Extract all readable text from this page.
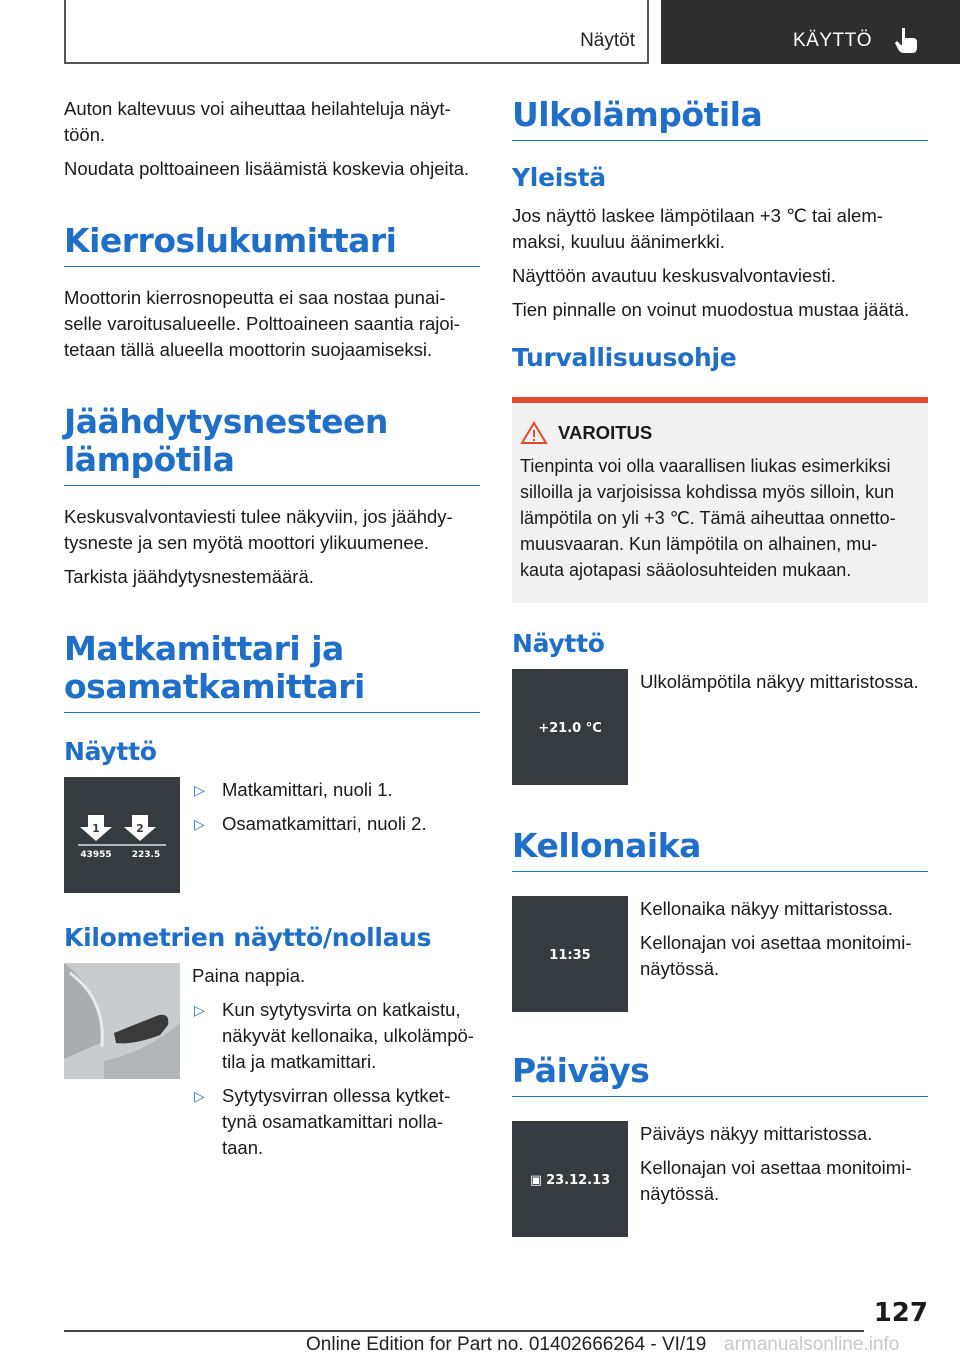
Näytöt	KÄYTTÖ

Auton kaltevuus voi aiheuttaa heilahteluja näyt-töön.

Noudata polttoaineen lisäämistä koskevia ohjeita.

Kierroslukumittari

Moottorin kierrosnopeutta ei saa nostaa punai-selle varoitusalueelle. Polttoaineen saantia rajoi-tetaan tällä alueella moottorin suojaamiseksi.

Jäähdytysnesteen lämpötila

Keskusvalvontaviesti tulee näkyviin, jos jäähdy-tysneste ja sen myötä moottori ylikuumenee.

Tarkista jäähdytysnestemäärä.

Matkamittari ja osamatkamittari
Näyttö
1	2
43955 223.5
▷ Matkamittari, nuoli 1.
▷ Osamatkamittari, nuoli 2.
Kilometrien näyttö/nollaus

Paina nappia.

▷ Kun sytytysvirta on katkaistu, näkyvät kellonaika, ulkolämpö-tila ja matkamittari.
▷ Sytytysvirran ollessa kytket-tynä osamatkamittari nolla-taan.
Ulkolämpötila
Yleistä

Jos näyttö laskee lämpötilaan +3 ℃ tai alem-maksi, kuuluu äänimerkki.

Näyttöön avautuu keskusvalvontaviesti.

Tien pinnalle on voinut muodostua mustaa jäätä.

Turvallisuusohje
VAROITUS

Tienpinta voi olla vaarallisen liukas esimerkiksi silloilla ja varjoisissa kohdissa myös silloin, kun lämpötila on yli +3 ℃. Tämä aiheuttaa onnetto-muusvaaran. Kun lämpötila on alhainen, mu-kauta ajotapasi sääolosuhteiden mukaan.

Näyttö
+21.0 °C

Ulkolämpötila näkyy mittaristossa.

Kellonaika
11:35

Kellonaika näkyy mittaristossa.

Kellonajan voi asettaa monitoimi-näytössä.

Päiväys
▣ 23.12.13

Päiväys näkyy mittaristossa.

Kellonajan voi asettaa monitoimi-näytössä.

127
Online Edition for Part no. 01402666264 - VI/19 armanualsonline.info
